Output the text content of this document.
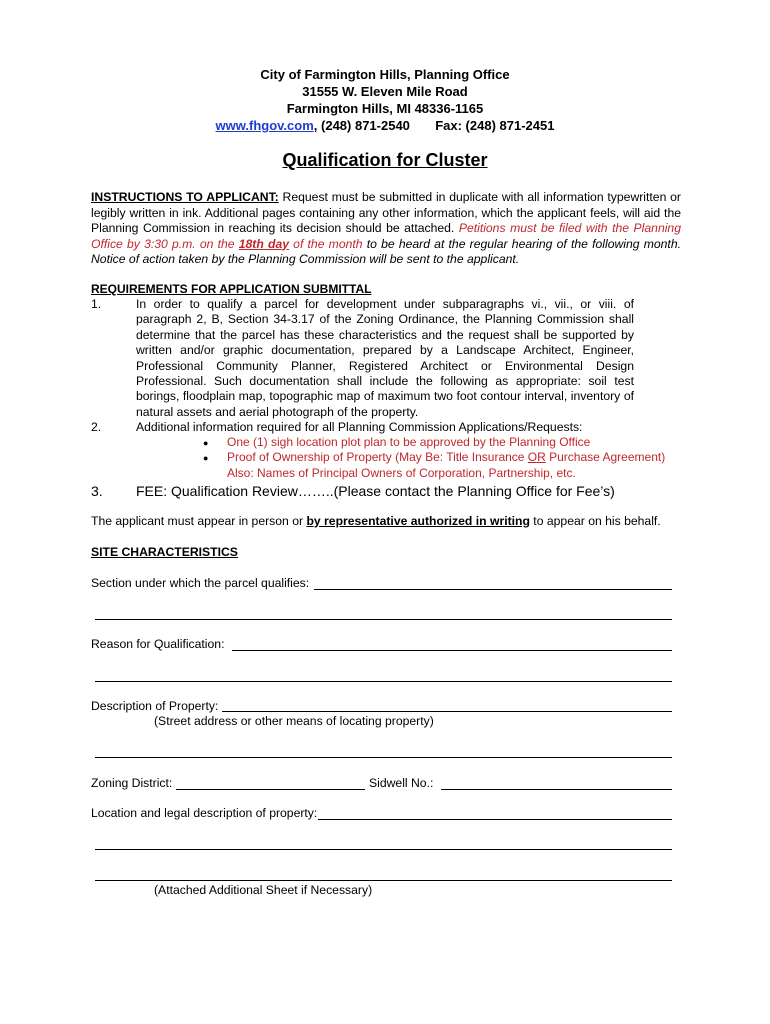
City of Farmington Hills, Planning Office
31555 W. Eleven Mile Road
Farmington Hills, MI 48336-1165
www.fhgov.com, (248) 871-2540 Fax: (248) 871-2451
Qualification for Cluster
INSTRUCTIONS TO APPLICANT: Request must be submitted in duplicate with all information typewritten or legibly written in ink. Additional pages containing any other information, which the applicant feels, will aid the Planning Commission in reaching its decision should be attached. Petitions must be filed with the Planning Office by 3:30 p.m. on the 18th day of the month to be heard at the regular hearing of the following month. Notice of action taken by the Planning Commission will be sent to the applicant.
REQUIREMENTS FOR APPLICATION SUBMITTAL
1.	In order to qualify a parcel for development under subparagraphs vi., vii., or viii. of paragraph 2, B, Section 34-3.17 of the Zoning Ordinance, the Planning Commission shall determine that the parcel has these characteristics and the request shall be supported by written and/or graphic documentation, prepared by a Landscape Architect, Engineer, Professional Community Planner, Registered Architect or Environmental Design Professional. Such documentation shall include the following as appropriate: soil test borings, floodplain map, topographic map of maximum two foot contour interval, inventory of natural assets and aerial photograph of the property.
2.	Additional information required for all Planning Commission Applications/Requests:
● One (1) sigh location plot plan to be approved by the Planning Office
● Proof of Ownership of Property (May Be: Title Insurance OR Purchase Agreement)
Also: Names of Principal Owners of Corporation, Partnership, etc.
3. FEE: Qualification Review……..(Please contact the Planning Office for Fee’s)
The applicant must appear in person or by representative authorized in writing to appear on his behalf.
SITE CHARACTERISTICS
Section under which the parcel qualifies:
Reason for Qualification:
Description of Property:
(Street address or other means of locating property)
Zoning District:	Sidwell No.:
Location and legal description of property:
(Attached Additional Sheet if Necessary)
